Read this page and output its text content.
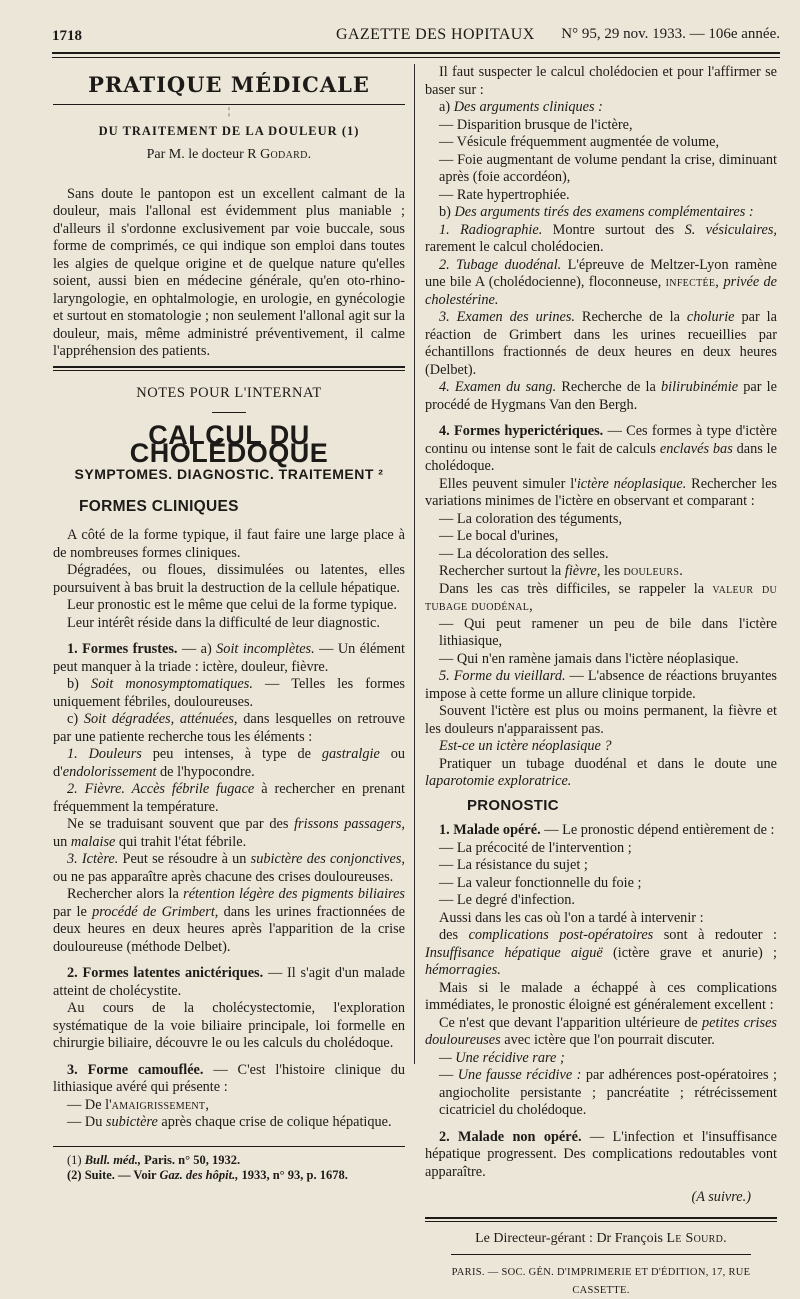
1718	GAZETTE DES HOPITAUX N° 95, 29 nov. 1933. — 106e année.
PRATIQUE MÉDICALE
¦
DU TRAITEMENT DE LA DOULEUR (1)
Par M. le docteur R Godard.

Sans doute le pantopon est un excellent calmant de la douleur, mais l'allonal est évidemment plus maniable ; d'alleurs il s'ordonne exclusivement par voie buccale, sous forme de comprimés, ce qui indique son emploi dans toutes les algies de quelque origine et de quelque nature qu'elles soient, aussi bien en médecine générale, qu'en oto-rhino-laryngologie, en ophtalmologie, en urologie, en gynécologie et surtout en stomatologie ; non seulement l'allonal agit sur la douleur, mais, même administré préventivement, il calme l'appréhension des patients.

NOTES POUR L'INTERNAT
CALCUL DU CHOLÉDOQUE
SYMPTOMES. DIAGNOSTIC. TRAITEMENT ²
FORMES CLINIQUES

A côté de la forme typique, il faut faire une large place à de nombreuses formes cliniques.

Dégradées, ou floues, dissimulées ou latentes, elles poursuivent à bas bruit la destruction de la cellule hépatique.

Leur pronostic est le même que celui de la forme typique.

Leur intérêt réside dans la difficulté de leur diagnostic.

1. Formes frustes. — a) Soit incomplètes. — Un élément peut manquer à la triade : ictère, douleur, fièvre.

b) Soit monosymptomatiques. — Telles les formes uniquement fébriles, douloureuses.

c) Soit dégradées, atténuées, dans lesquelles on retrouve par une patiente recherche tous les éléments :

1. Douleurs peu intenses, à type de gastralgie ou d'endolorissement de l'hypocondre.

2. Fièvre. Accès fébrile fugace à rechercher en prenant fréquemment la température.

Ne se traduisant souvent que par des frissons passagers, un malaise qui trahit l'état fébrile.

3. Ictère. Peut se résoudre à un subictère des conjonctives, ou ne pas apparaître après chacune des crises douloureuses.

Rechercher alors la rétention légère des pigments biliaires par le procédé de Grimbert, dans les urines fractionnées de deux heures en deux heures après l'apparition de la crise douloureuse (méthode Delbet).

2. Formes latentes anictériques. — Il s'agit d'un malade atteint de cholécystite.

Au cours de la cholécystectomie, l'exploration systématique de la voie biliaire principale, loi formelle en chirurgie biliaire, découvre le ou les calculs du cholédoque.

3. Forme camouflée. — C'est l'histoire clinique du lithiasique avéré qui présente :

— De l'amaigrissement,

— Du subictère après chaque crise de colique hépatique.

(1) Bull. méd., Paris. n° 50, 1932.

(2) Suite. — Voir Gaz. des hôpit., 1933, n° 93, p. 1678.

Il faut suspecter le calcul cholédocien et pour l'affirmer se baser sur :

a) Des arguments cliniques :

— Disparition brusque de l'ictère,

— Vésicule fréquemment augmentée de volume,

— Foie augmentant de volume pendant la crise, diminuant après (foie accordéon),

— Rate hypertrophiée.

b) Des arguments tirés des examens complémentaires :

1. Radiographie. Montre surtout des S. vésiculaires, rarement le calcul cholédocien.

2. Tubage duodénal. L'épreuve de Meltzer-Lyon ramène une bile A (cholédocienne), floconneuse, infectée, privée de cholestérine.

3. Examen des urines. Recherche de la cholurie par la réaction de Grimbert dans les urines recueillies par échantillons fractionnés de deux heures en deux heures (Delbet).

4. Examen du sang. Recherche de la bilirubinémie par le procédé de Hygmans Van den Bergh.

4. Formes hyperictériques. — Ces formes à type d'ictère continu ou intense sont le fait de calculs enclavés bas dans le cholédoque.

Elles peuvent simuler l'ictère néoplasique. Rechercher les variations minimes de l'ictère en observant et comparant :

— La coloration des téguments,

— Le bocal d'urines,

— La décoloration des selles.

Rechercher surtout la fièvre, les douleurs.

Dans les cas très difficiles, se rappeler la valeur du tubage duodénal,

— Qui peut ramener un peu de bile dans l'ictère lithiasique,

— Qui n'en ramène jamais dans l'ictère néoplasique.

5. Forme du vieillard. — L'absence de réactions bruyantes impose à cette forme un allure clinique torpide.

Souvent l'ictère est plus ou moins permanent, la fièvre et les douleurs n'apparaissent pas.

Est-ce un ictère néoplasique ?

Pratiquer un tubage duodénal et dans le doute une laparotomie exploratrice.

PRONOSTIC

1. Malade opéré. — Le pronostic dépend entièrement de :

— La précocité de l'intervention ;

— La résistance du sujet ;

— La valeur fonctionnelle du foie ;

— Le degré d'infection.

Aussi dans les cas où l'on a tardé à intervenir :

des complications post-opératoires sont à redouter : Insuffisance hépatique aiguë (ictère grave et anurie) ; hémorragies.

Mais si le malade a échappé à ces complications immédiates, le pronostic éloigné est généralement excellent :

Ce n'est que devant l'apparition ultérieure de petites crises douloureuses avec ictère que l'on pourrait discuter.

— Une récidive rare ;

— Une fausse récidive : par adhérences post-opératoires ; angiocholite persistante ; pancréatite ; rétrécissement cicatriciel du cholédoque.

2. Malade non opéré. — L'infection et l'insuffisance hépatique progressent. Des complications redoutables vont apparaître.

(A suivre.)

Le Directeur-gérant : Dr François Le Sourd.

PARIS. — SOC. GÉN. D'IMPRIMERIE ET D'ÉDITION, 17, RUE CASSETTE.
